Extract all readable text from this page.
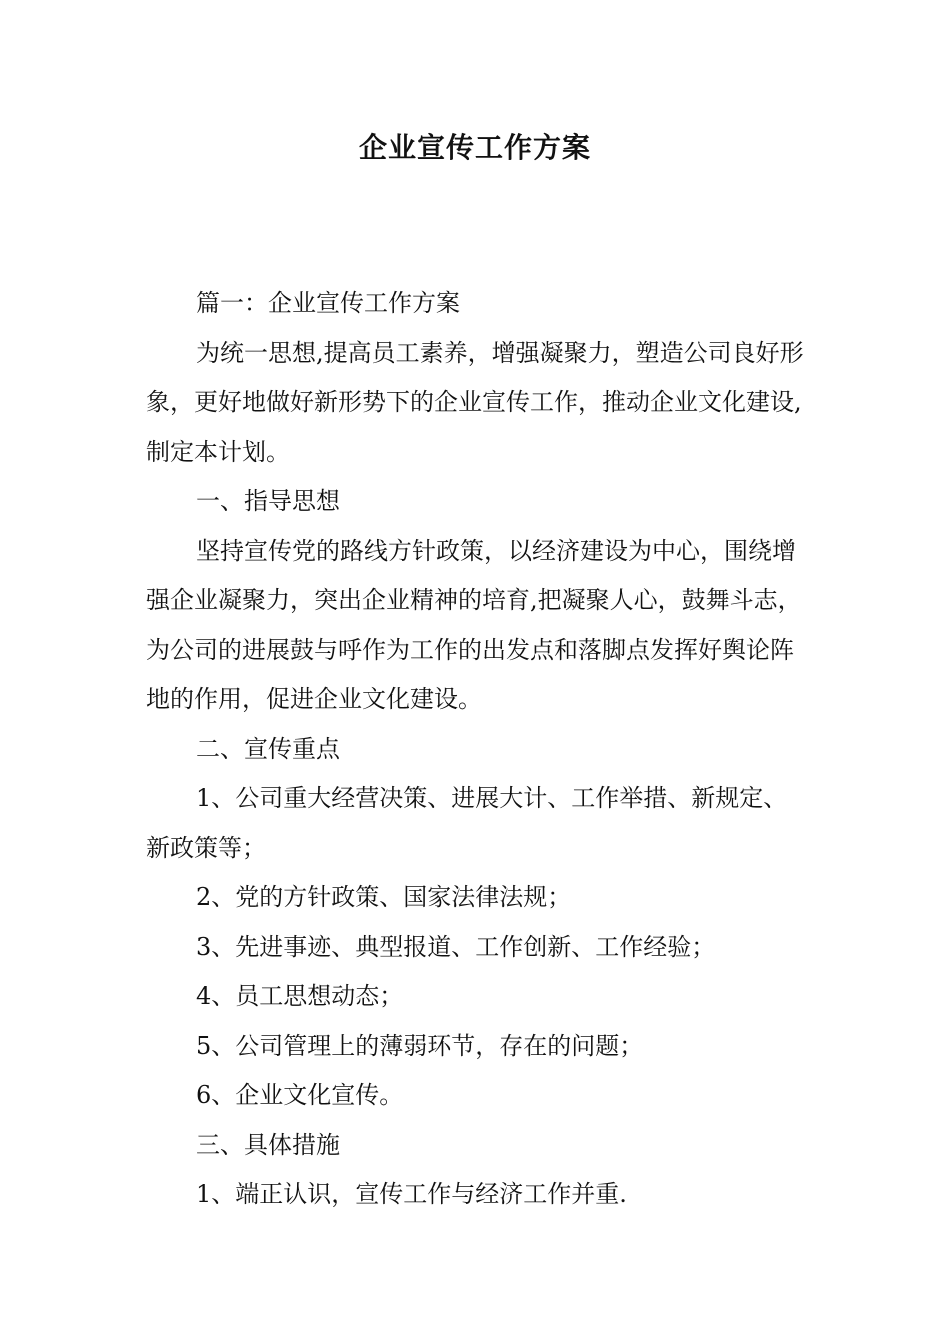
企业宣传工作方案

篇一：企业宣传工作方案

为统一思想,提高员工素养，增强凝聚力，塑造公司良好形象，更好地做好新形势下的企业宣传工作，推动企业文化建设,制定本计划。

一、指导思想

坚持宣传党的路线方针政策，以经济建设为中心，围绕增强企业凝聚力，突出企业精神的培育,把凝聚人心，鼓舞斗志，为公司的进展鼓与呼作为工作的出发点和落脚点发挥好舆论阵地的作用，促进企业文化建设。

二、宣传重点

1、公司重大经营决策、进展大计、工作举措、新规定、新政策等；

2、党的方针政策、国家法律法规；

3、先进事迹、典型报道、工作创新、工作经验；

4、员工思想动态；

5、公司管理上的薄弱环节，存在的问题；

6、企业文化宣传。

三、具体措施

1、端正认识，宣传工作与经济工作并重.
